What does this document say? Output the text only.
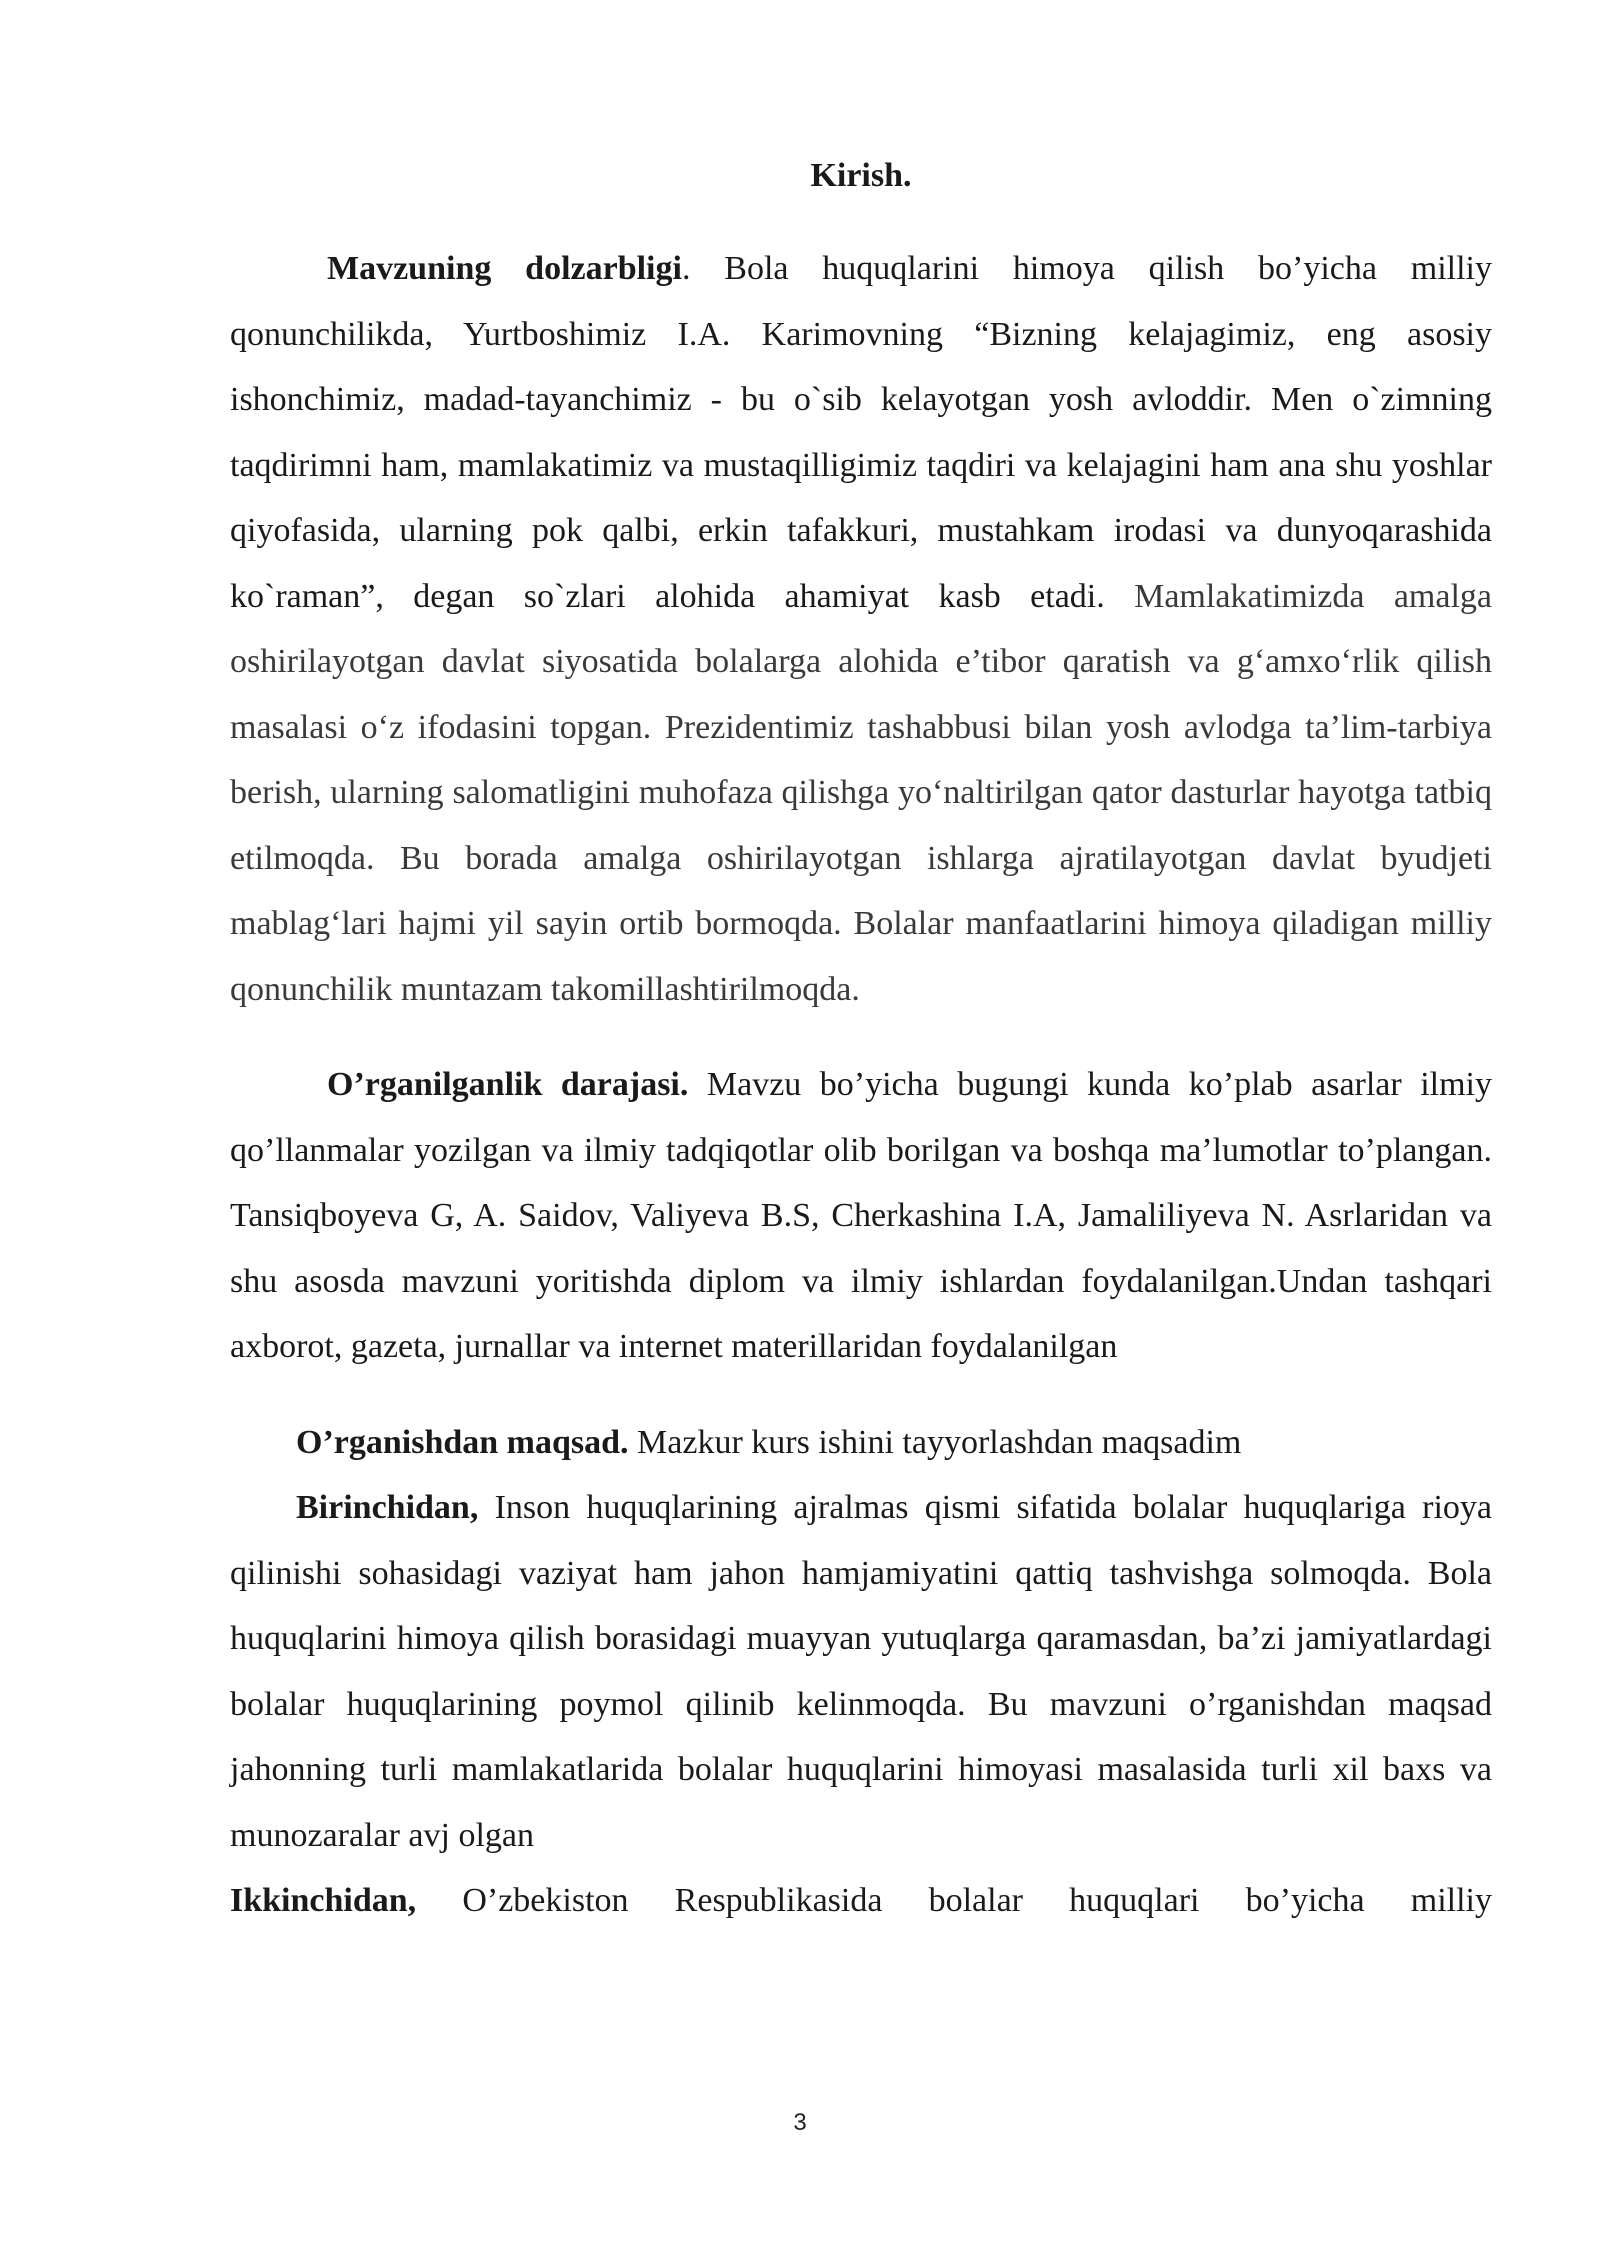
Kirish.

Mavzuning dolzarbligi. Bola huquqlarini himoya qilish bo’yicha milliy qonunchilikda, Yurtboshimiz I.A. Karimovning “Bizning kelajagimiz, eng asosiy ishonchimiz, madad-tayanchimiz - bu o`sib kelayotgan yosh avloddir. Men o`zimning taqdirimni ham, mamlakatimiz va mustaqilligimiz taqdiri va kelajagini ham ana shu yoshlar qiyofasida, ularning pok qalbi, erkin tafakkuri, mustahkam irodasi va dunyoqarashida ko`raman”, degan so`zlari alohida ahamiyat kasb etadi. Mamlakatimizda amalga oshirilayotgan davlat siyosatida bolalarga alohida e’tibor qaratish va g‘amxo‘rlik qilish masalasi o‘z ifodasini topgan. Prezidentimiz tashabbusi bilan yosh avlodga ta’lim-tarbiya berish, ularning salomatligini muhofaza qilishga yo‘naltirilgan qator dasturlar hayotga tatbiq etilmoqda. Bu borada amalga oshirilayotgan ishlarga ajratilayotgan davlat byudjeti mablag‘lari hajmi yil sayin ortib bormoqda. Bolalar manfaatlarini himoya qiladigan milliy qonunchilik muntazam takomillashtirilmoqda.

O’rganilganlik darajasi. Mavzu bo’yicha bugungi kunda ko’plab asarlar ilmiy qo’llanmalar yozilgan va ilmiy tadqiqotlar olib borilgan va boshqa ma’lumotlar to’plangan. Tansiqboyeva G, A. Saidov, Valiyeva B.S, Cherkashina I.A, Jamaliliyeva N. Asrlaridan va shu asosda mavzuni yoritishda diplom va ilmiy ishlardan foydalanilgan.Undan tashqari axborot, gazeta, jurnallar va internet materillaridan foydalanilgan

O’rganishdan maqsad. Mazkur kurs ishini tayyorlashdan maqsadim

Birinchidan, Inson huquqlarining ajralmas qismi sifatida bolalar huquqlariga rioya qilinishi sohasidagi vaziyat ham jahon hamjamiyatini qattiq tashvishga solmoqda. Bola huquqlarini himoya qilish borasidagi muayyan yutuqlarga qaramasdan, ba’zi jamiyatlardagi bolalar huquqlarining poymol qilinib kelinmoqda. Bu mavzuni o’rganishdan maqsad jahonning turli mamlakatlarida bolalar huquqlarini himoyasi masalasida turli xil baxs va munozaralar avj olgan

Ikkinchidan, O’zbekiston Respublikasida bolalar huquqlari bo’yicha milliy

3
